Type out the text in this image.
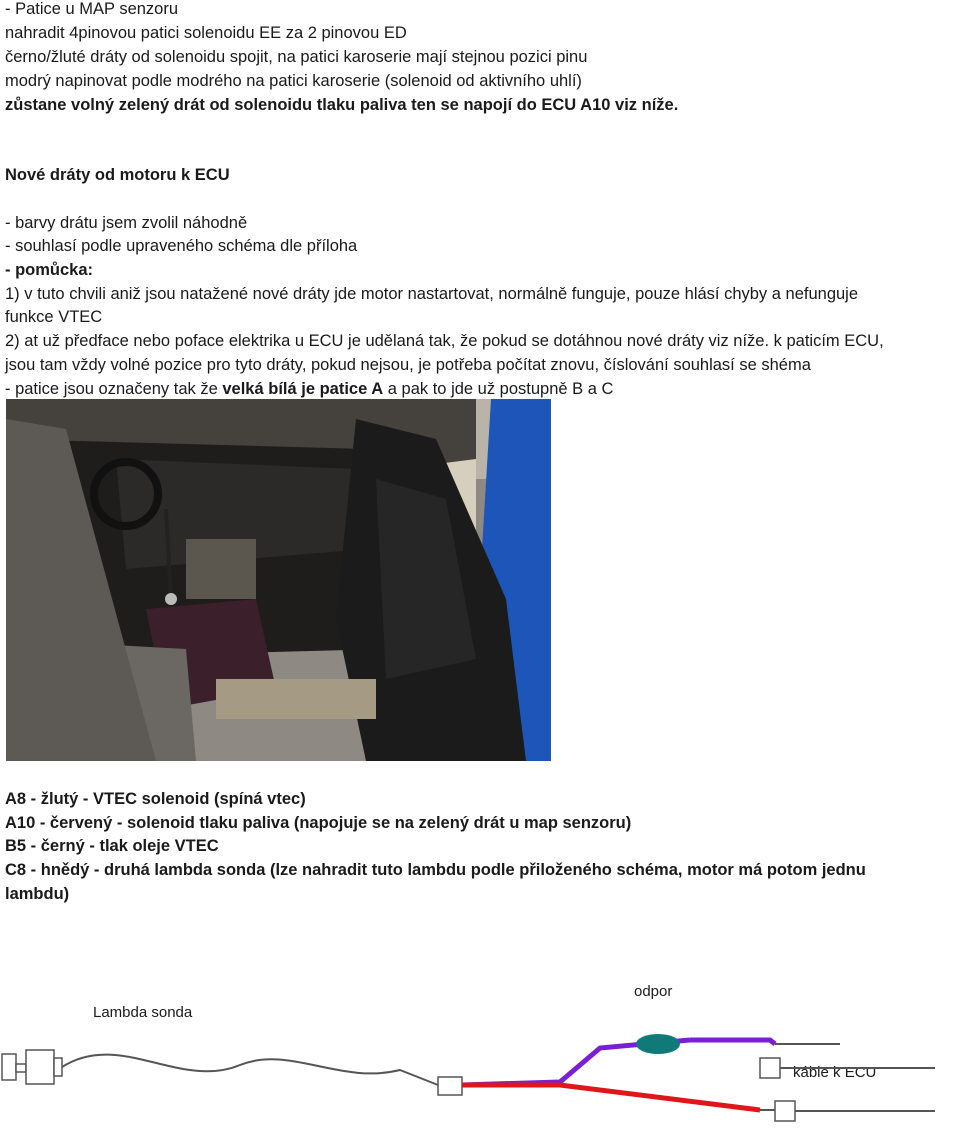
- Patice u MAP senzoru
nahradit 4pinovou patici solenoidu EE za 2 pinovou ED
černo/žluté dráty od solenoidu spojit, na patici karoserie mají stejnou pozici pinu
modrý napinovat podle modrého na patici karoserie (solenoid od aktivního uhlí)
zůstane volný zelený drát od solenoidu tlaku paliva ten se napojí do ECU A10 viz níže.
Nové dráty od motoru k ECU
- barvy drátu jsem zvolil náhodně
- souhlasí podle upraveného schéma dle příloha
- pomůcka:
1) v tuto chvili aniž jsou natažené nové dráty jde motor nastartovat, normálně funguje, pouze hlásí chyby a nefunguje
funkce VTEC
2) at už předface nebo poface elektrika u ECU je udělaná tak, že pokud se dotáhnou nové dráty viz níže. k paticím ECU,
jsou tam vždy volné pozice pro tyto dráty, pokud nejsou, je potřeba počítat znovu, číslování souhlasí se shéma
- patice jsou označeny tak že velká bílá je patice A a pak to jde už postupně B a C
A8 - žlutý - VTEC solenoid (spíná vtec)
A10 - červený - solenoid tlaku paliva (napojuje se na zelený drát u map senzoru)
B5 - černý - tlak oleje VTEC
C8 - hnědý - druhá lambda sonda (lze nahradit tuto lambdu podle přiloženého schéma, motor má potom jednu
lambdu)
Lambda sonda
odpor
káble k ECU
